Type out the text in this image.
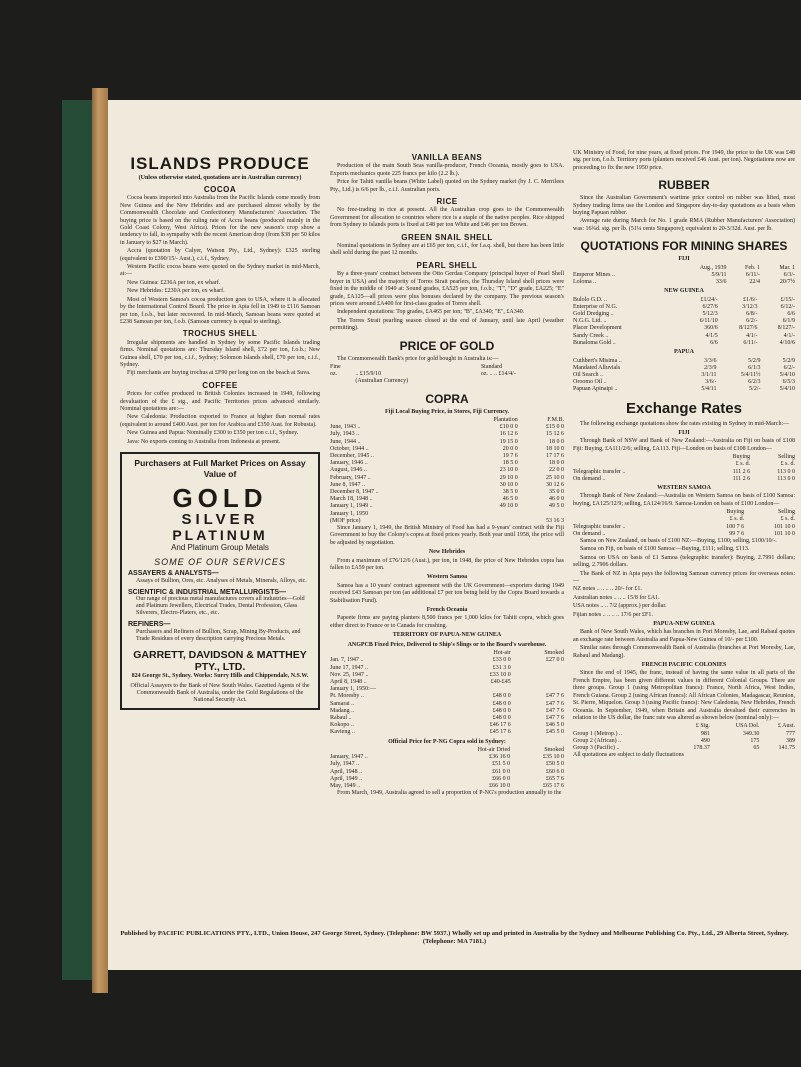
ISLANDS PRODUCE
(Unless otherwise stated, quotations are in Australian currency)
COCOA

Cocoa beans imported into Australia from the Pacific Islands come mostly from New Guinea and the New Hebrides and are purchased almost wholly by the Commonwealth Chocolate and Confectionery Manufacturers' Association. The buying price is based on the ruling rate of Accra beans (produced mainly in the Gold Coast Colony, West Africa). Prices for the new season's crop show a tendency to fall, in sympathy with the recent American drop (from $38 per 50 kilos in January to $27 in March).

Accra (quotation by Calyer, Watson Pty., Ltd., Sydney): £325 sterling (equivalent to £390/15/- Aust.), c.i.f., Sydney.

Western Pacific cocoa beans were quoted on the Sydney market in mid-March, at:—

New Guinea: £236A per ton, ex wharf.

New Hebrides: £230A per ton, ex wharf.

Most of Western Samoa's cocoa production goes to USA, where it is allocated by the International Control Board. The price in Apia fell in 1949 to £116 Samoan per ton, f.o.b., but later recovered. In mid-March, Samoan beans were quoted at £238 Samoan per ton, f.o.b. (Samoan currency is equal to sterling).

TROCHUS SHELL

Irregular shipments are handled in Sydney by some Pacific Islands trading firms. Nominal quotations are: Thursday Island shell, £72 per ton, f.o.b.; New Guinea shell, £70 per ton, c.i.f., Sydney; Solomon Islands shell, £70 per ton, c.i.f., Sydney.

Fiji merchants are buying trochus at £F90 per long ton on the beach at Suva.

COFFEE

Prices for coffee produced in British Colonies increased in 1949, following devaluation of the £ stg., and Pacific Territories prices advanced similarly. Nominal quotations are:—

New Caledonia: Production exported to France at higher than normal rates (equivalent to around £400 Aust. per ton for Arabica and £350 Aust. for Robusta).

New Guinea and Papua: Nominally £300 to £350 per ton c.i.f., Sydney.

Java: No exports coming to Australia from Indonesia at present.

Purchasers at Full Market Prices on Assay Value of
GOLD
SILVER
PLATINUM
And Platinum Group Metals
SOME OF OUR SERVICES
ASSAYERS & ANALYSTS—
Assays of Bullion, Ores, etc. Analyses of Metals, Minerals, Alloys, etc.
SCIENTIFIC & INDUSTRIAL METALLURGISTS—
Our range of precious metal manufactures covers all industries—Gold and Platinum Jewellers, Electrical Trades, Dental Profession, Glass Silverers, Electro-Platers, etc., etc.
REFINERS—
Purchasers and Refiners of Bullion, Scrap, Mining By-Products, and Trade Residues of every description carrying Precious Metals.
GARRETT, DAVIDSON & MATTHEY PTY., LTD.
824 George St., Sydney. Works: Surry Hills and Chippendale, N.S.W.
Official Assayers to the Bank of New South Wales. Gazetted Agents of the Commonwealth Bank of Australia, under the Gold Regulations of the National Security Act.
VANILLA BEANS

Production of the main South Seas vanilla-producer, French Oceania, mostly goes to USA. Exports mechanics quote 225 francs per kilo (2.2 lb.).

Price for Tahiti vanilla beans (White Label) quoted on the Sydney market (by J. C. Merrilees Pty., Ltd.) is 6/6 per lb., c.i.f. Australian ports.

RICE

No free-trading in rice at present. All the Australian crop goes to the Commonwealth Government for allocation to countries where rice is a staple of the native peoples. Rice shipped from Sydney to Islands ports is fixed at £48 per ton White and £46 per ton Brown.

GREEN SNAIL SHELL

Nominal quotations in Sydney are at £65 per ton, c.i.f., for f.a.q. shell, but there has been little shell sold during the past 12 months.

PEARL SHELL

By a three-years' contract between the Otto Gerdau Company (principal buyer of Pearl Shell buyer in USA) and the majority of Torres Strait pearlers, the Thursday Island shell prices were fixed in the middle of 1949 at: Sound grades, £A525 per ton, f.o.b.; "T", "D" grade, £A225; "E" grade, £A125—all prices were plus bonuses declared by the company. The previous season's prices were around £A400 for first-class grades of Torres shell.

Independent quotations: Top grades, £A465 per ton; "B", £A340; "E", £A340.

The Torres Strait pearling season closed at the end of January, until late April (weather permitting).

PRICE OF GOLD

The Commonwealth Bank's price for gold bought in Australia is:—

Fine		Standard
oz.	.. £15/9/10	oz. .. .. £14/4/-
	(Australian Currency)	
COPRA
Fiji Local Buying Price, in Stores, Fiji Currency.
	Plantation	F.M.B.
June, 1943 ..	£10 0 0	£15 0 0
July, 1943 ..	16 12 6	15 12 6
June, 1944 ..	19 15 0	18 0 0
October, 1944 ..	20 0 0	18 10 0
December, 1945 ..	19 7 6	17 17 6
January, 1946 ..	18 5 0	18 0 0
August, 1946 ..	23 10 0	22 0 0
February, 1947 ..	29 10 0	25 10 0
June 8, 1947 ..	30 10 0	30 12 6
December 8, 1947 ..	38 5 0	35 0 0
March 18, 1948 ..	46 5 0	46 0 0
January 1, 1949 ..	49 10 0	49 5 0
January 1, 1950		
(MOF price)		53 16 3

Since January 1, 1949, the British Ministry of Food has had a 9-years' contract with the Fiji Government to buy the Colony's copra at fixed prices yearly. Both year until 1958, the price will be adjusted by negotiation.

New Hebrides

From a maximum of £76/12/6 (Aust.), per ton, in 1948, the price of New Hebrides copra has fallen to £A59 per ton.

Western Samoa

Samoa has a 10 years' contract agreement with the UK Government—exporters during 1949 received £43 Samoan per ton (an additional £7 per ton being held by the Copra Board towards a Stabilisation Fund).

French Oceania

Papeete firms are paying planters 8,500 francs per 1,000 kilos for Tahiti copra, which goes either direct to France or to Canada for crushing.

TERRITORY OF PAPUA-NEW GUINEA
ANGPCB Fixed Price, Delivered to Ship's Slings or to the Board's warehouse.
	Hot-air	Smoked
Jan. 7, 1947 ..	£33 0 0	£27 0 0
June 17, 1947 ..	£31 3 0	
Nov. 25, 1947 ..	£33 10 0	
April 8, 1948 ..	£40-£45	
January 1, 1950:—		
Pt. Moresby ..	£48 0 0	£47 7 6
Samarai ..	£48 0 0	£47 7 6
Madang ..	£48 0 0	£47 7 6
Rabaul ..	£48 0 0	£47 7 6
Kokopo ..	£46 17 6	£46 5 0
Kavieng ..	£45 17 6	£45 5 0
Official Price for P-NG Copra sold in Sydney:
	Hot-air Dried	Smoked
January, 1947 ..	£36 16 0	£35 10 0
July, 1947 ..	£51 5 0	£50 5 0
April, 1948 ..	£61 0 0	£60 6 0
April, 1949 ..	£66 0 0	£65 7 6
May, 1949 ..	£66 10 0	£65 17 6

From March, 1949, Australia agreed to sell a proportion of P-NG's production annually to the

UK Ministry of Food, for nine years, at fixed prices. For 1949, the price to the UK was £48 stg. per ton, f.o.b. Territory ports (planters received £46 Aust. per ton). Negotiations now are proceeding to fix the new 1950 price.

RUBBER

Since the Australian Government's wartime price control on rubber was lifted, most Sydney trading firms use the London and Singapore day-to-day quotations as a basis when buying Papuan rubber.

Average rate during March for No. 1 grade RMA (Rubber Manufacturers' Association) was: 16¾d. stg. per lb. (51¼ cents Singapore); equivalent to 20-3/32d. Aust. per lb.

QUOTATIONS FOR MINING SHARES
FIJI
	Aug., 1939	Feb. 1	Mar. 1
Emperor Mines ..	5/9/11	6/11/-	6/3/-
Loloma ..	33/6	22/4	20/7½
NEW GUINEA
Bulolo G.D. ..	£1/24/-	£1/6/-	£/15/-
Enterprise of N.G.	6/27/6	3/12/3	6/12/-
Gold Dredging ..	5/12/3	6/8/-	6/6
N.G.G. Ltd. ..	6/11/10	6/2/-	6/1/9
Placer Development	360/6	8/127/6	8/127/-
Sandy Creek ..	4/1/5	4/1/-	4/1/-
Bunaloma Gold ..	6/6	6/11/-	4/10/6
PAPUA
Cuthbert's Misima ..	3/3/6	5/2/9	5/2/9
Mandated Alluvials	2/3/9	6/1/3	6/2/-
Oil Search ..	3/1/11	5/4/11½	5/4/10
Oroomo Oil ..	3/6/-	6/2/3	6/5/3
Papuan Apinaipi ..	5/4/11	5/2/-	5/4/10
Exchange Rates

The following exchange quotations show the rates existing in Sydney in mid-March:—

FIJI

Through Bank of NSW and Bank of New Zealand:—Australia on Fiji on basis of £108 Fiji: Buying, £A111/2/6; selling, £A113. Fiji—London on basis of £108 London—

	Buying	Selling
	£ s. d.	£ s. d.
Telegraphic transfer ..	111 2 6	113 0 0
On demand ..	111 2 6	113 0 0
WESTERN SAMOA

Through Bank of New Zealand:—Australia on Western Samoa on basis of £100 Samoa: buying, £A125/12/9; selling, £A124/16/9. Samoa-London on basis of £100 London—

	Buying	Selling
	£ s. d.	£ s. d.
Telegraphic transfer ..	100 7 6	101 10 0
On demand ..	99 7 6	101 10 0

Samoa on New Zealand, on basis of £100 NZ:—Buying, £100; selling, £100/10/-.

Samoa on Fiji, on basis of £100 Samoa:—Buying, £111; selling, £113.

Samoa on USA on basis of £1 Samoa (telegraphic transfer): Buying, 2.7991 dollars; selling, 2.7906 dollars.

The Bank of NZ in Apia pays the following Samoan currency prices for overseas notes:—

NZ notes .. .. .. .. 20/- for £1.

Australian notes .. .. .. 15/8 for £A1.

USA notes .. .. 7/2 (approx.) per dollar.

Fijian notes .. .. .. .. 17/6 per £F1.

PAPUA-NEW GUINEA

Bank of New South Wales, which has branches in Port Moresby, Lae, and Rabaul quotes an exchange rate between Australia and Papua-New Guinea of 10/- per £100.

Similar rates through Commonwealth Bank of Australia (branches at Port Moresby, Lae, Rabaul and Madang).

FRENCH PACIFIC COLONIES

Since the end of 1945, the franc, instead of having the same value in all parts of the French Empire, has been given different values in different Colonial Groups. There are three groups. Group 1 (using Metropolitan francs): France, North Africa, West Indies, French Guiana. Group 2 (using African francs): All African Colonies, Madagascar, Reunion, St. Pierre, Miquelon. Group 3 (using Pacific francs): New Caledonia, New Hebrides, French Oceania. In September, 1949, when Britain and Australia devalued their currencies in relation to the US dollar, the franc rate was altered as shown below (nominal only):—

	£ Stg.	USA Dol.	£ Aust.
Group 1 (Metrop.) ..	981	349.30	777
Group 2 (African) ..	490	175	389
Group 3 (Pacific) ..	178.37	65	141.75

All quotations are subject to daily fluctuations

Published by PACIFIC PUBLICATIONS PTY., LTD., Union House, 247 George Street, Sydney. (Telephone: BW 5937.) Wholly set up and printed in Australia by the Sydney and Melbourne Publishing Co. Pty., Ltd., 29 Alberta Street, Sydney. (Telephone: MA 7181.)
